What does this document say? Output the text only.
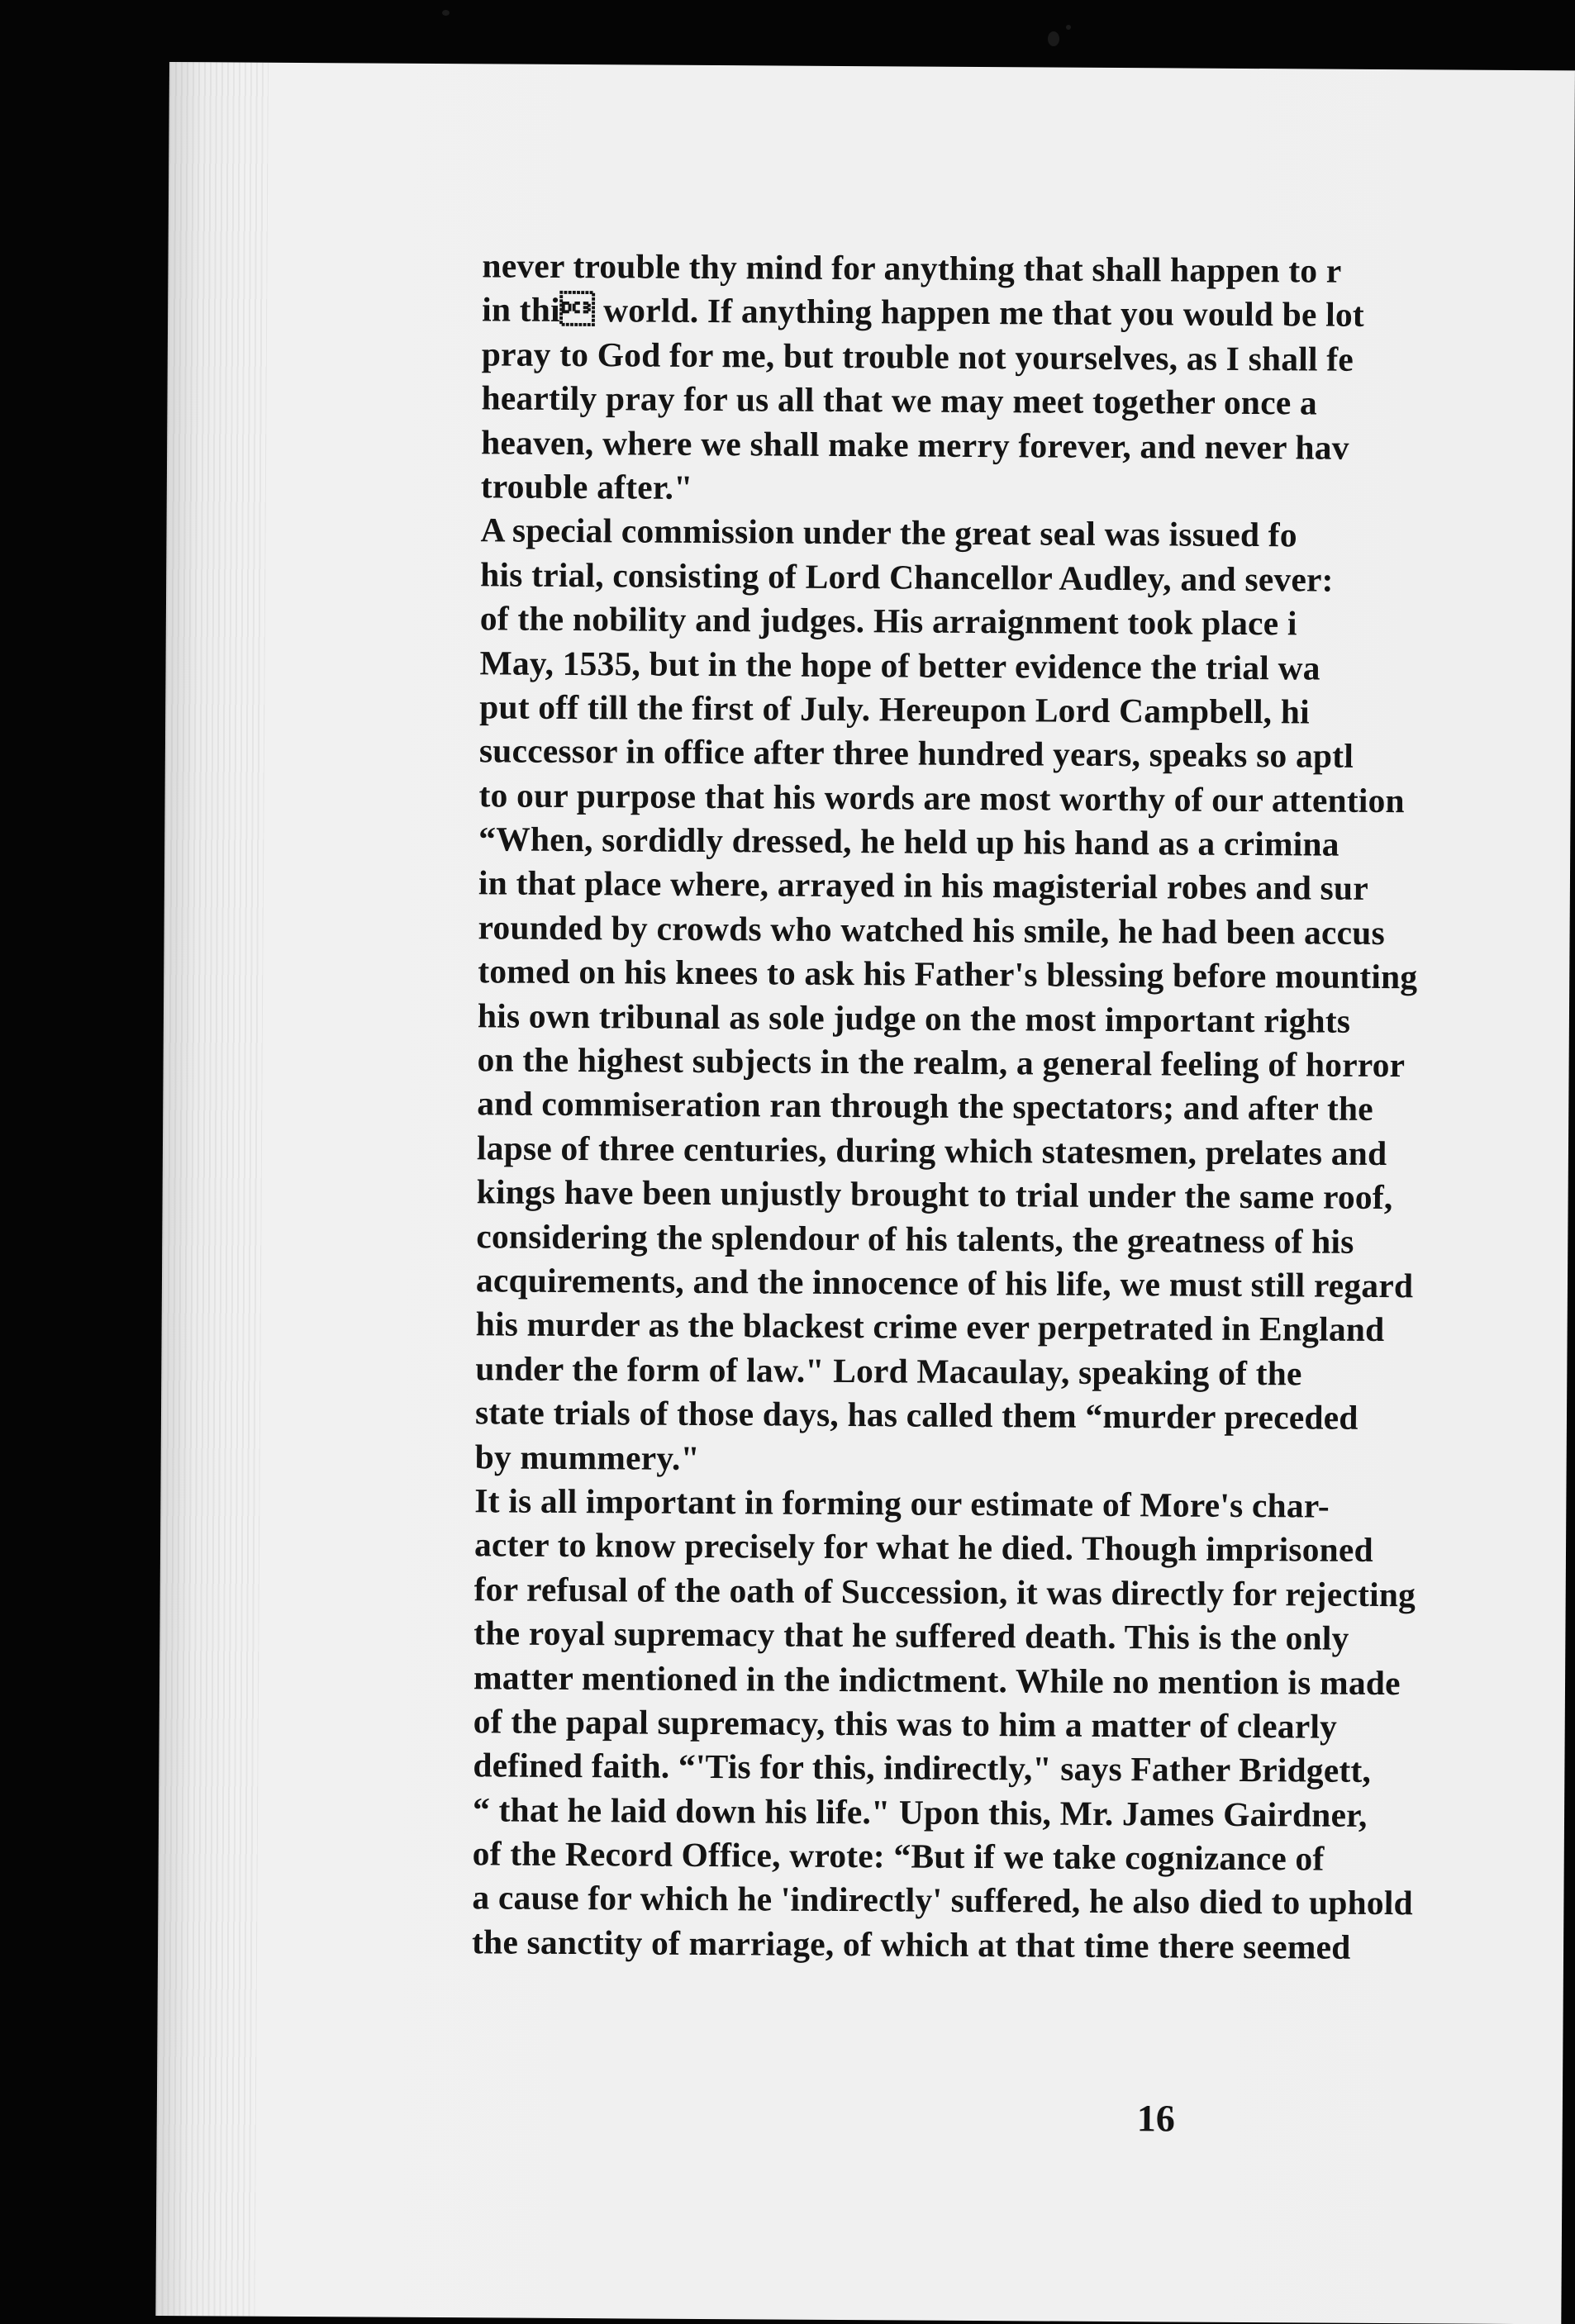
never trouble thy mind for anything that shall happen to r
in thi world. If anything happen me that you would be lot
pray to God for me, but trouble not yourselves, as I shall fe
heartily pray for us all that we may meet together once a
heaven, where we shall make merry forever, and never hav
trouble after."
A special commission under the great seal was issued fo
his trial, consisting of Lord Chancellor Audley, and sever:
of the nobility and judges. His arraignment took place i
May, 1535, but in the hope of better evidence the trial wa
put off till the first of July. Hereupon Lord Campbell, hi
successor in office after three hundred years, speaks so aptl
to our purpose that his words are most worthy of our attention
“When, sordidly dressed, he held up his hand as a crimina
in that place where, arrayed in his magisterial robes and sur
rounded by crowds who watched his smile, he had been accus
tomed on his knees to ask his Father's blessing before mounting
his own tribunal as sole judge on the most important rights
on the highest subjects in the realm, a general feeling of horror
and commiseration ran through the spectators; and after the
lapse of three centuries, during which statesmen, prelates and
kings have been unjustly brought to trial under the same roof,
considering the splendour of his talents, the greatness of his
acquirements, and the innocence of his life, we must still regard
his murder as the blackest crime ever perpetrated in England
under the form of law." Lord Macaulay, speaking of the
state trials of those days, has called them “murder preceded
by mummery."
It is all important in forming our estimate of More's char-
acter to know precisely for what he died. Though imprisoned
for refusal of the oath of Succession, it was directly for rejecting
the royal supremacy that he suffered death. This is the only
matter mentioned in the indictment. While no mention is made
of the papal supremacy, this was to him a matter of clearly
defined faith. “'Tis for this, indirectly," says Father Bridgett,
“ that he laid down his life." Upon this, Mr. James Gairdner,
of the Record Office, wrote: “But if we take cognizance of
a cause for which he 'indirectly' suffered, he also died to uphold
the sanctity of marriage, of which at that time there seemed
16
